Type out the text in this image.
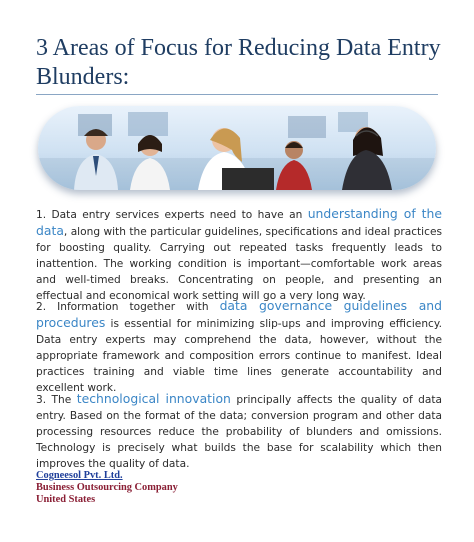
3 Areas of Focus for Reducing Data Entry Blunders:

1. Data entry services experts need to have an understanding of the data, along with the particular guidelines, specifications and ideal practices for boosting quality. Carrying out repeated tasks frequently leads to inattention. The working condition is important—comfortable work areas and well-timed breaks. Concentrating on people, and presenting an effectual and economical work setting will go a very long way.

2. Information together with data governance guidelines and procedures is essential for minimizing slip-ups and improving efficiency. Data entry experts may comprehend the data, however, without the appropriate framework and composition errors continue to manifest. Ideal practices training and viable time lines generate accountability and excellent work.

3. The technological innovation principally affects the quality of data entry. Based on the format of the data; conversion program and other data processing resources reduce the probability of blunders and omissions. Technology is precisely what builds the base for scalability which then improves the quality of data.

Cogneesol Pvt. Ltd.
Business Outsourcing Company
United States
